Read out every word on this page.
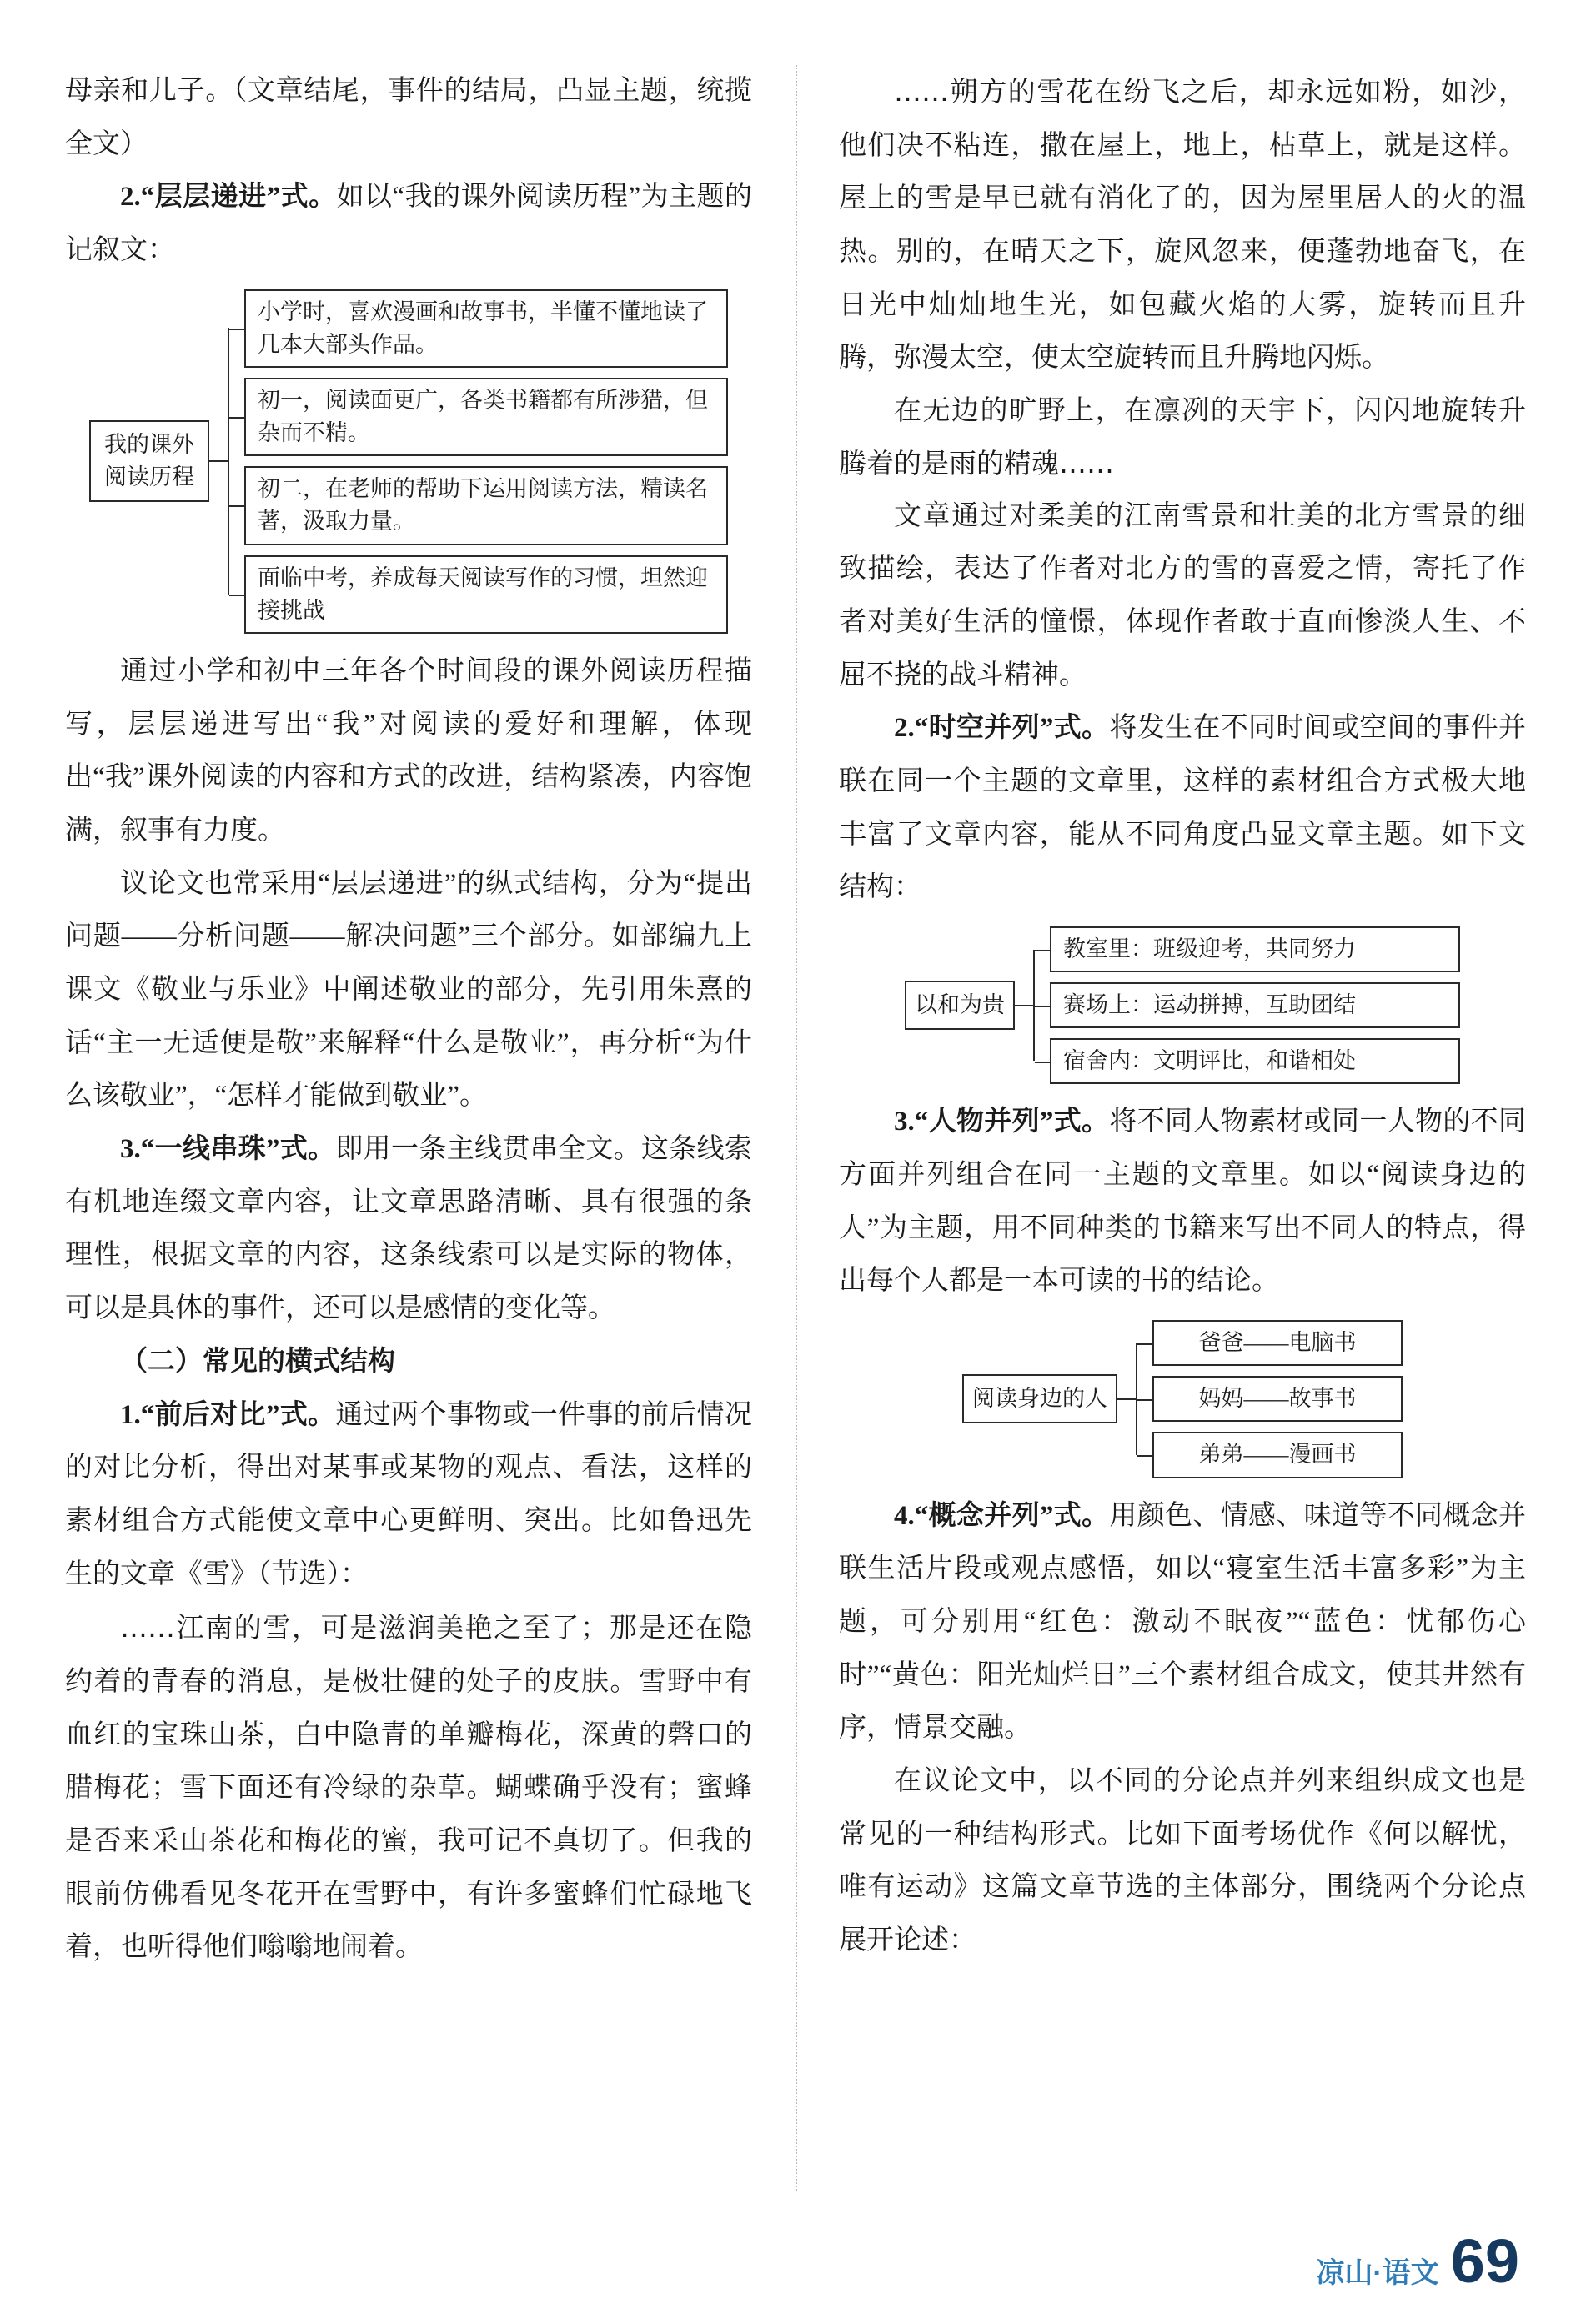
母亲和儿子。（文章结尾，事件的结局，凸显主题，统揽全文）

2.“层层递进”式。如以“我的课外阅读历程”为主题的记叙文：

我的课外阅读历程
小学时，喜欢漫画和故事书，半懂不懂地读了几本大部头作品。
初一，阅读面更广，各类书籍都有所涉猎，但杂而不精。
初二，在老师的帮助下运用阅读方法，精读名著，汲取力量。
面临中考，养成每天阅读写作的习惯，坦然迎接挑战

通过小学和初中三年各个时间段的课外阅读历程描写，层层递进写出“我”对阅读的爱好和理解，体现出“我”课外阅读的内容和方式的改进，结构紧凑，内容饱满，叙事有力度。

议论文也常采用“层层递进”的纵式结构，分为“提出问题——分析问题——解决问题”三个部分。如部编九上课文《敬业与乐业》中阐述敬业的部分，先引用朱熹的话“主一无适便是敬”来解释“什么是敬业”，再分析“为什么该敬业”，“怎样才能做到敬业”。

3.“一线串珠”式。即用一条主线贯串全文。这条线索有机地连缀文章内容，让文章思路清晰、具有很强的条理性，根据文章的内容，这条线索可以是实际的物体，可以是具体的事件，还可以是感情的变化等。

（二）常见的横式结构

1.“前后对比”式。通过两个事物或一件事的前后情况的对比分析，得出对某事或某物的观点、看法，这样的素材组合方式能使文章中心更鲜明、突出。比如鲁迅先生的文章《雪》（节选）：

……江南的雪，可是滋润美艳之至了；那是还在隐约着的青春的消息，是极壮健的处子的皮肤。雪野中有血红的宝珠山茶，白中隐青的单瓣梅花，深黄的磬口的腊梅花；雪下面还有冷绿的杂草。蝴蝶确乎没有；蜜蜂是否来采山茶花和梅花的蜜，我可记不真切了。但我的眼前仿佛看见冬花开在雪野中，有许多蜜蜂们忙碌地飞着，也听得他们嗡嗡地闹着。

……朔方的雪花在纷飞之后，却永远如粉，如沙，他们决不粘连，撒在屋上，地上，枯草上，就是这样。屋上的雪是早已就有消化了的，因为屋里居人的火的温热。别的，在晴天之下，旋风忽来，便蓬勃地奋飞，在日光中灿灿地生光，如包藏火焰的大雾，旋转而且升腾，弥漫太空，使太空旋转而且升腾地闪烁。

在无边的旷野上，在凛冽的天宇下，闪闪地旋转升腾着的是雨的精魂……

文章通过对柔美的江南雪景和壮美的北方雪景的细致描绘，表达了作者对北方的雪的喜爱之情，寄托了作者对美好生活的憧憬，体现作者敢于直面惨淡人生、不屈不挠的战斗精神。

2.“时空并列”式。将发生在不同时间或空间的事件并联在同一个主题的文章里，这样的素材组合方式极大地丰富了文章内容，能从不同角度凸显文章主题。如下文结构：

以和为贵
教室里：班级迎考，共同努力
赛场上：运动拼搏，互助团结
宿舍内：文明评比，和谐相处

3.“人物并列”式。将不同人物素材或同一人物的不同方面并列组合在同一主题的文章里。如以“阅读身边的人”为主题，用不同种类的书籍来写出不同人的特点，得出每个人都是一本可读的书的结论。

阅读身边的人
爸爸——电脑书
妈妈——故事书
弟弟——漫画书

4.“概念并列”式。用颜色、情感、味道等不同概念并联生活片段或观点感悟，如以“寝室生活丰富多彩”为主题，可分别用“红色：激动不眠夜”“蓝色：忧郁伤心时”“黄色：阳光灿烂日”三个素材组合成文，使其井然有序，情景交融。

在议论文中，以不同的分论点并列来组织成文也是常见的一种结构形式。比如下面考场优作《何以解忧，唯有运动》这篇文章节选的主体部分，围绕两个分论点展开论述：

凉山·语文 69
